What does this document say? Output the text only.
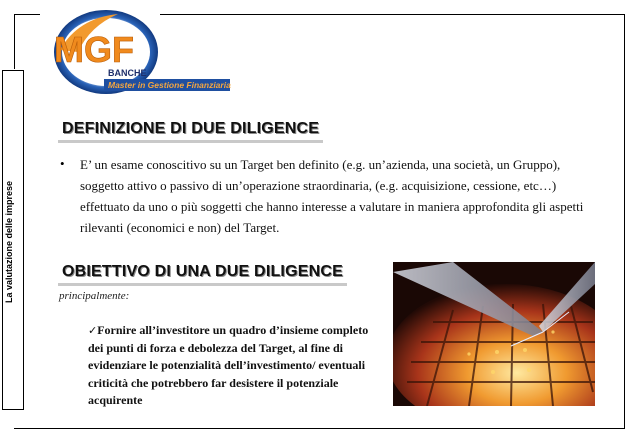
La valutazione delle imprese
MGF
BANCHE
Master in Gestione Finanziaria
DEFINIZIONE DI DUE DILIGENCE
•	E’ un esame conoscitivo su un Target ben definito (e.g. un’azienda, una società, un Gruppo), soggetto attivo o passivo di un’operazione straordinaria, (e.g. acquisizione, cessione, etc…) effettuato da uno o più soggetti che hanno interesse a valutare in maniera approfondita gli aspetti rilevanti (economici e non) del Target.
OBIETTIVO DI UNA DUE DILIGENCE
principalmente:
✓Fornire all’investitore un quadro d’insieme completo dei punti di forza e debolezza del Target, al fine di evidenziare le potenzialità dell’investimento/ eventuali criticità che potrebbero far desistere il potenziale acquirente
